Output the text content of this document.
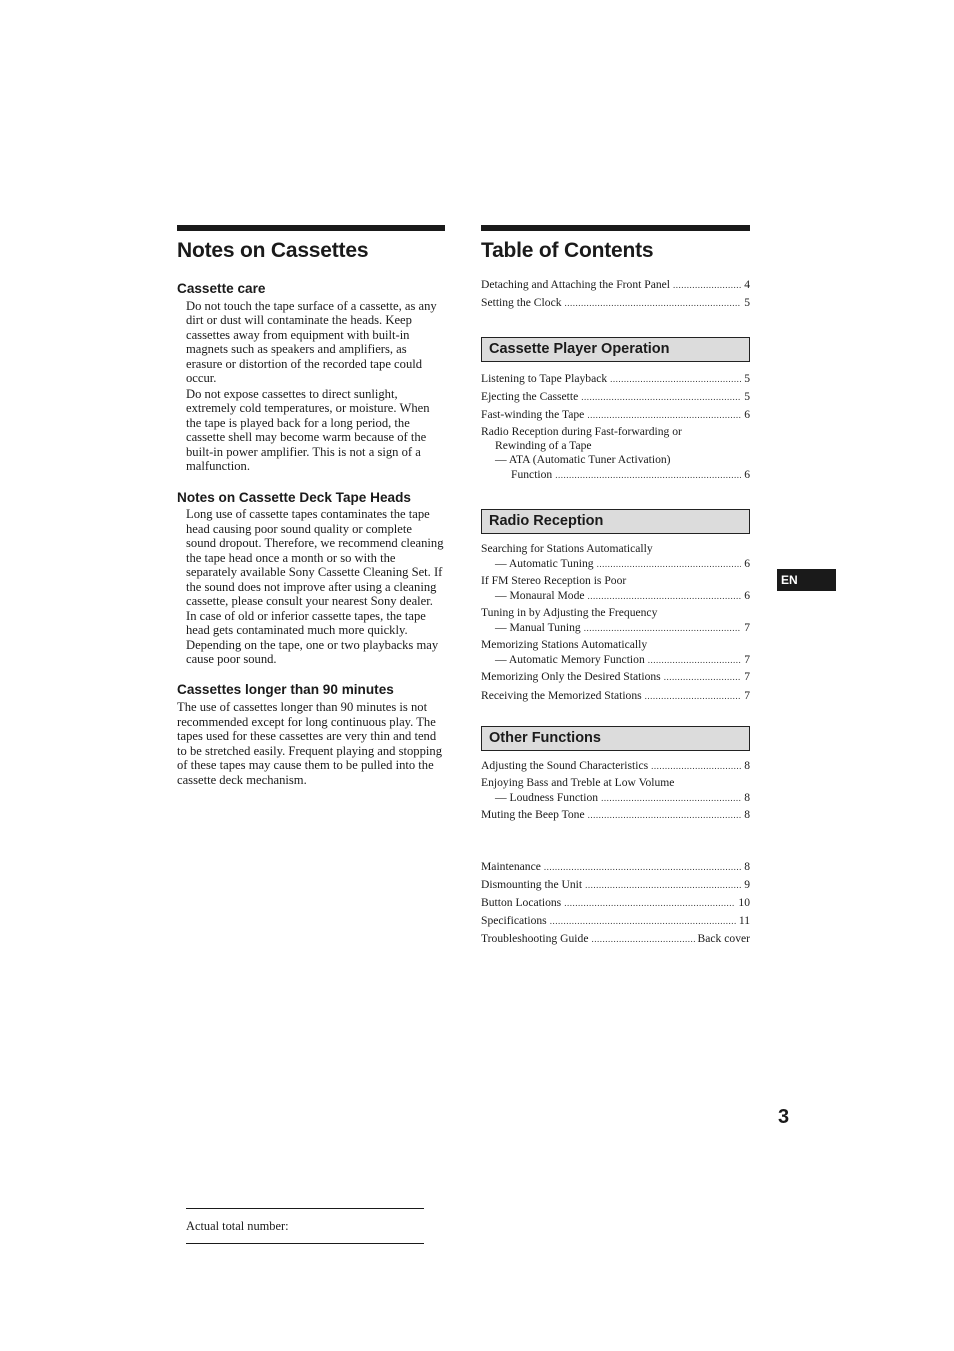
Notes on Cassettes
Cassette care

Do not touch the tape surface of a cassette, as any dirt or dust will contaminate the heads. Keep cassettes away from equipment with built-in magnets such as speakers and amplifiers, as erasure or distortion of the recorded tape could occur.

Do not expose cassettes to direct sunlight, extremely cold temperatures, or moisture. When the tape is played back for a long period, the cassette shell may become warm because of the built-in power amplifier. This is not a sign of a malfunction.

Notes on Cassette Deck Tape Heads

Long use of cassette tapes contaminates the tape head causing poor sound quality or complete sound dropout. Therefore, we recommend cleaning the tape head once a month or so with the separately available Sony Cassette Cleaning Set. If the sound does not improve after using a cleaning cassette, please consult your nearest Sony dealer.

In case of old or inferior cassette tapes, the tape head gets contaminated much more quickly. Depending on the tape, one or two playbacks may cause poor sound.

Cassettes longer than 90 minutes

The use of cassettes longer than 90 minutes is not recommended except for long continuous play. The tapes used for these cassettes are very thin and tend to be stretched easily. Frequent playing and stopping of these tapes may cause them to be pulled into the cassette deck mechanism.

Table of Contents
Detaching and Attaching the Front Panel .....	4
Setting the Clock .....	5
Cassette Player Operation
Listening to Tape Playback .....	5
Ejecting the Cassette .....	5
Fast-winding the Tape .....	6
Radio Reception during Fast-forwarding or
Rewinding of a Tape
— ATA (Automatic Tuner Activation)
Function .....	6
Radio Reception
Searching for Stations Automatically
— Automatic Tuning .....	6
If FM Stereo Reception is Poor
— Monaural Mode .....	6
Tuning in by Adjusting the Frequency
— Manual Tuning .....	7
Memorizing Stations Automatically
— Automatic Memory Function .....	7
Memorizing Only the Desired Stations .....	7
Receiving the Memorized Stations .....	7
Other Functions
Adjusting the Sound Characteristics .....	8
Enjoying Bass and Treble at Low Volume
— Loudness Function .....	8
Muting the Beep Tone .....	8
Maintenance .....	8
Dismounting the Unit .....	9
Button Locations .....	10
Specifications .....	11
Troubleshooting Guide .....	Back cover
EN
3
Actual total number:
